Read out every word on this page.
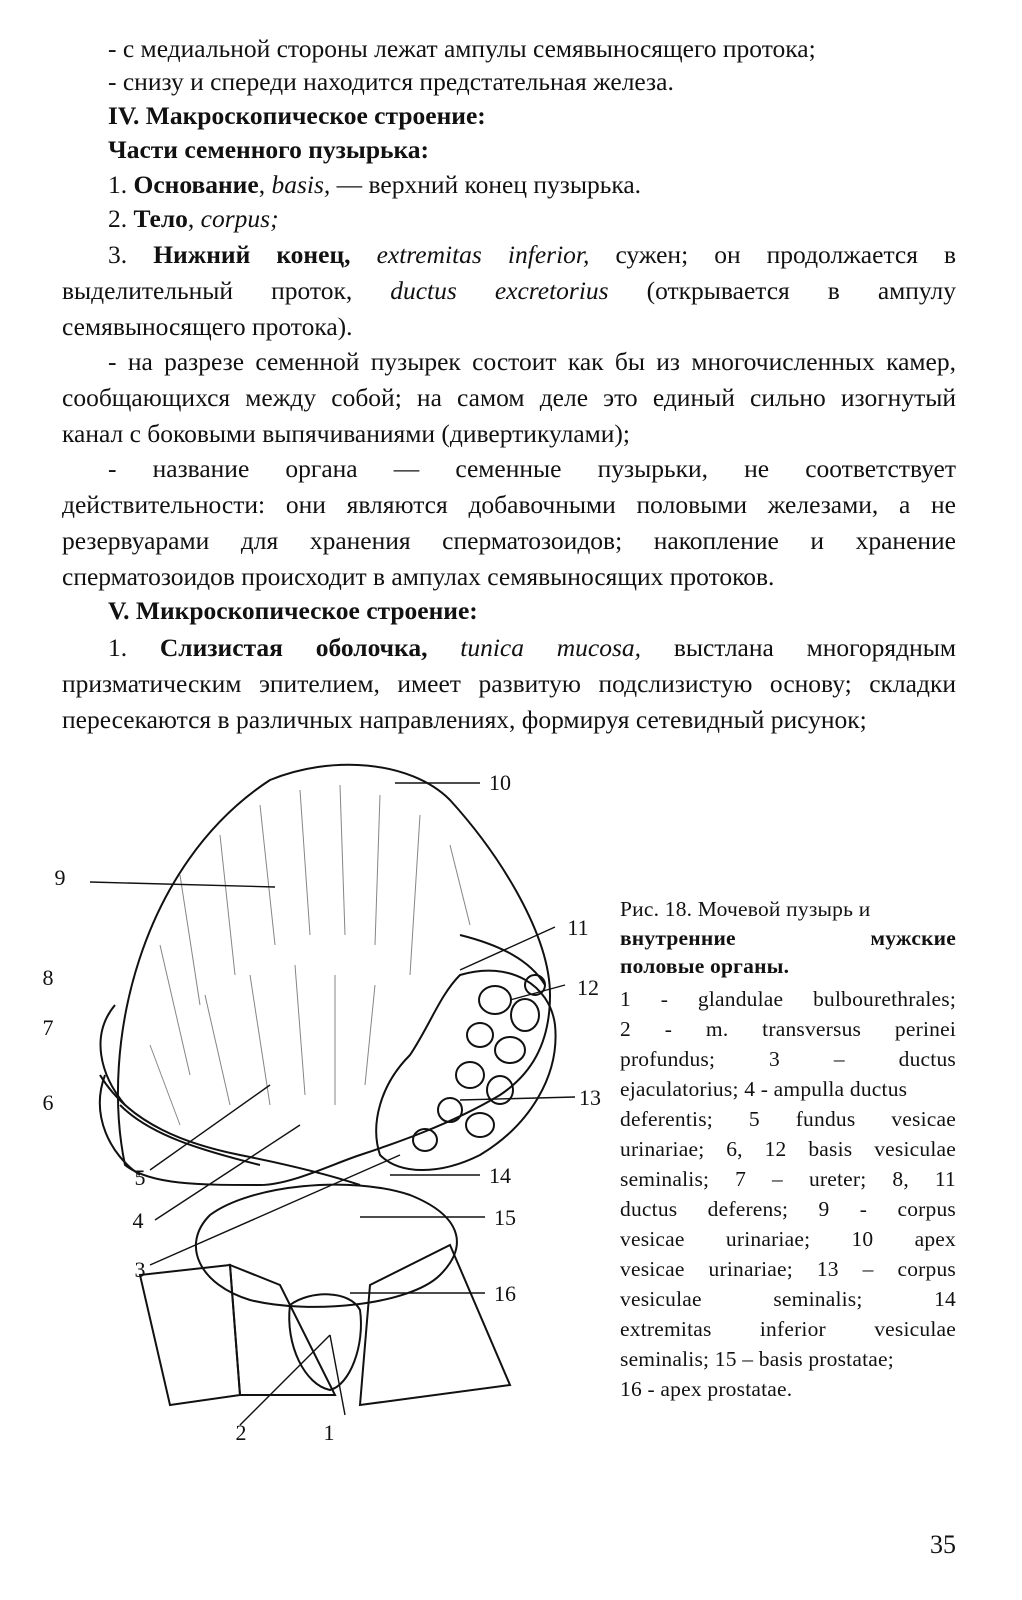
- с медиальной стороны лежат ампулы семявыносящего протока;
- снизу и спереди находится предстательная железа.
IV. Макроскопическое строение:
Части семенного пузырька:
1. Основание, basis, — верхний конец пузырька.
2. Тело, corpus;
3. Нижний конец, extremitas inferior, сужен; он продолжается в
выделительный проток, ductus excretorius (открывается в ампулу
семявыносящего протока).
- на разрезе семенной пузырек состоит как бы из многочисленных камер,
сообщающихся между собой; на самом деле это единый сильно изогнутый
канал с боковыми выпячиваниями (дивертикулами);
- название органа — семенные пузырьки, не соответствует
действительности: они являются добавочными половыми железами, а не
резервуарами для хранения сперматозоидов; накопление и хранение
сперматозоидов происходит в ампулах семявыносящих протоков.
V. Микроскопическое строение:
1. Слизистая оболочка, tunica mucosa, выстлана многорядным
призматическим эпителием, имеет развитую подслизистую основу; складки
пересекаются в различных направлениях, формируя сетевидный рисунок;
1
2
3
4
5
6
7
8
9
10
11
12
13
14
15
16
Рис. 18. Мочевой пузырь и
внутренние мужские
половые органы.
1 - glandulae bulbourethrales;
2 - m. transversus perinei
profundus; 3 – ductus
ejaculatorius; 4 - ampulla ductus
deferentis; 5 fundus vesicae
urinariae; 6, 12 basis vesiculae
seminalis; 7 – ureter; 8, 11
ductus deferens; 9 - corpus
vesicae urinariae; 10 apex
vesicae urinariae; 13 – corpus
vesiculae seminalis; 14
extremitas inferior vesiculae
seminalis; 15 – basis prostatae;
16 - apex prostatae.
35
